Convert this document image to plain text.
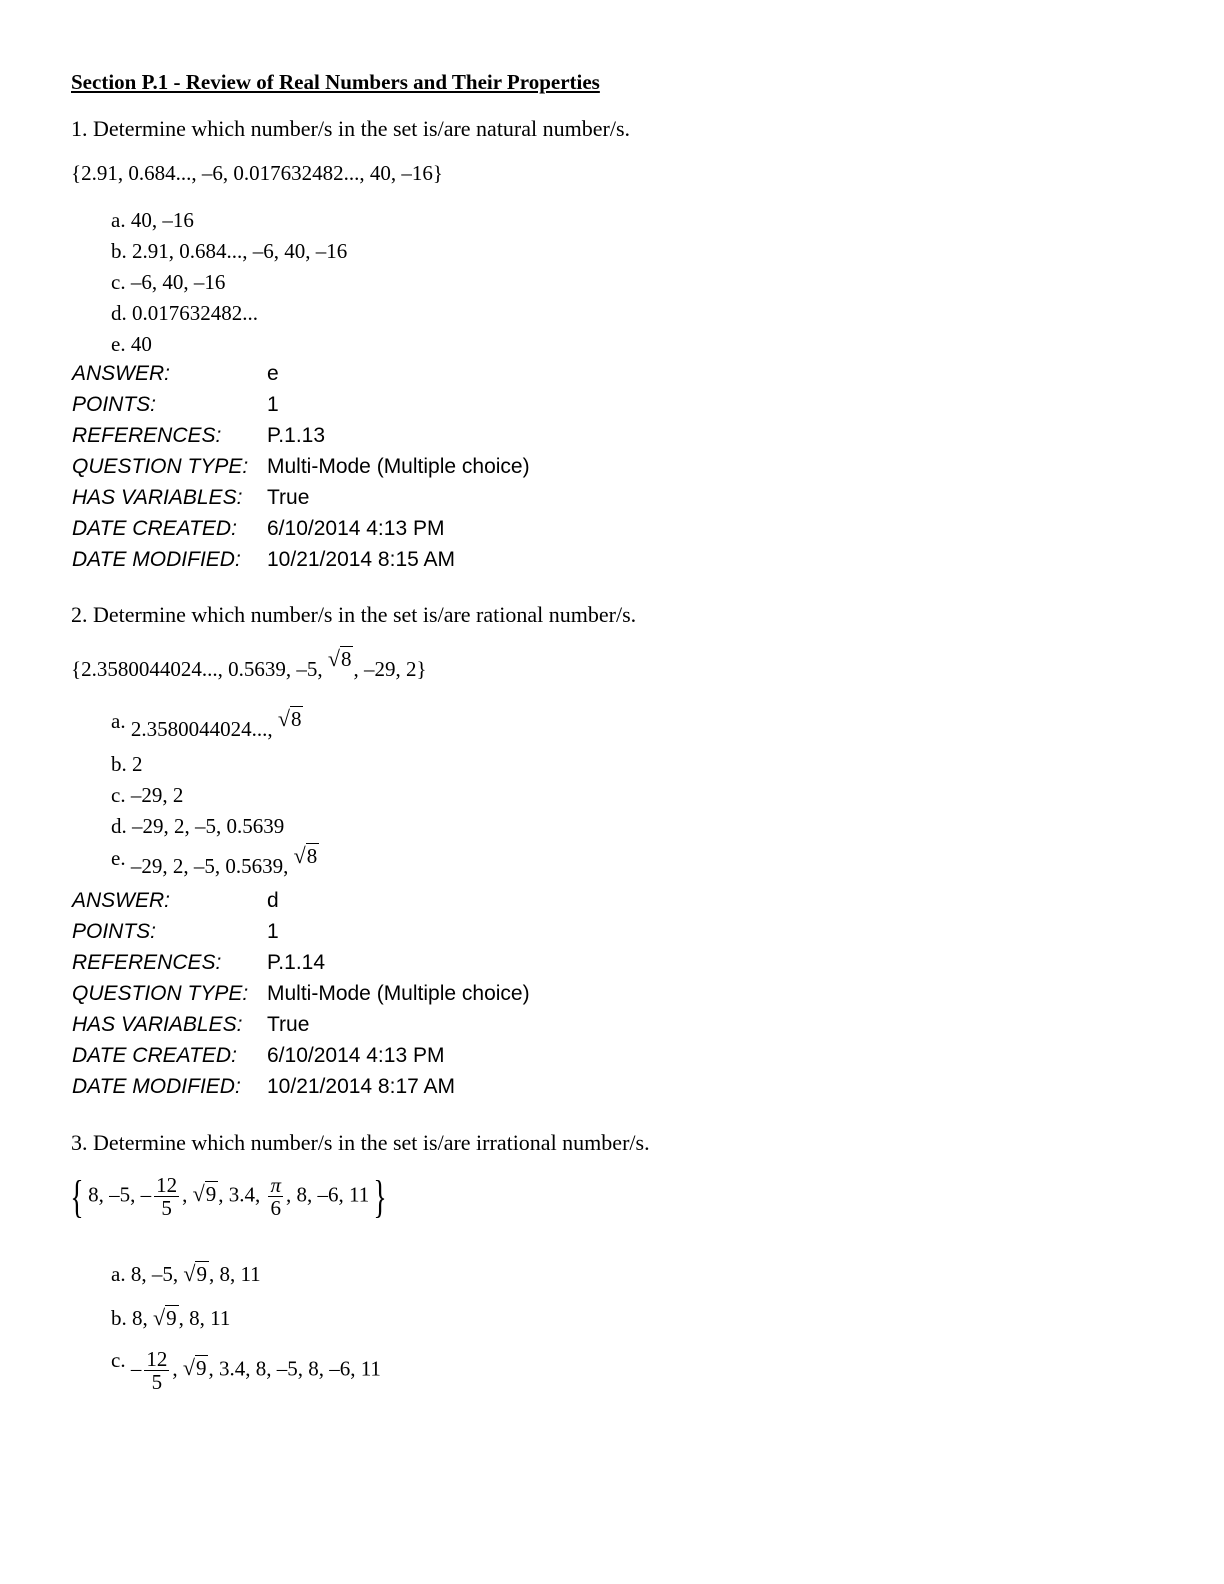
Section P.1 - Review of Real Numbers and Their Properties
1. Determine which number/s in the set is/are natural number/s.
{2.91, 0.684..., –6, 0.017632482..., 40, –16}
a. 40, –16
b. 2.91, 0.684..., –6, 40, –16
c. –6, 40, –16
d. 0.017632482...
e. 40
ANSWER:	e
POINTS:	1
REFERENCES: P.1.13
QUESTION TYPE: Multi-Mode (Multiple choice)
HAS VARIABLES: True
DATE CREATED: 6/10/2014 4:13 PM
DATE MODIFIED: 10/21/2014 8:15 AM
2. Determine which number/s in the set is/are rational number/s.
{2.3580044024..., 0.5639, –5, √8, –29, 2}
a. 2.3580044024..., √8
b. 2
c. –29, 2
d. –29, 2, –5, 0.5639
e. –29, 2, –5, 0.5639, √8
ANSWER:	d
POINTS:	1
REFERENCES: P.1.14
QUESTION TYPE: Multi-Mode (Multiple choice)
HAS VARIABLES: True
DATE CREATED: 6/10/2014 4:13 PM
DATE MODIFIED: 10/21/2014 8:17 AM
3. Determine which number/s in the set is/are irrational number/s.
{ 8, –5, – $\frac{12}{5}$ , √9, 3.4, $\frac{\pi}{6}$ , 8, –6, 11}
a. 8, –5, √9, 8, 11
b. 8, √9, 8, 11
c. – $\frac{12}{5}$ , √9, 3.4, 8, –5, 8, –6, 11
